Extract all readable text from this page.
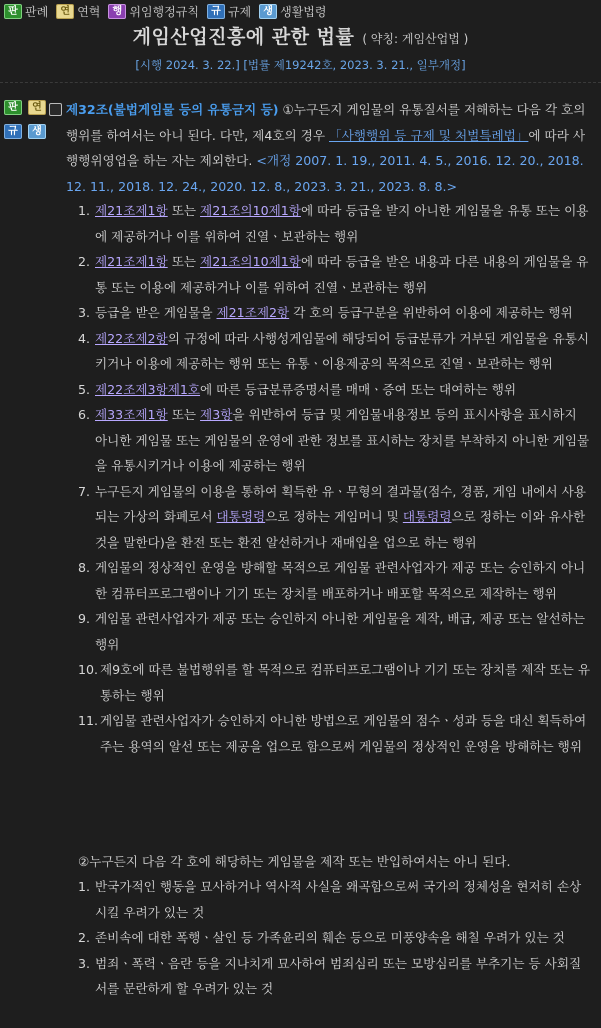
판 판례	연 연혁	행 위임행정규칙	규 규제	생 생활법령
게임산업진흥에 관한 법률 ( 약칭: 게임산업법 )
[시행 2024. 3. 22.] [법률 제19242호, 2023. 3. 21., 일부개정]
판	연
규	생
제32조(불법게임물 등의 유통금지 등) ①누구든지 게임물의 유통질서를 저해하는 다음 각 호의 행위를 하여서는 아니 된다. 다만, 제4호의 경우 「사행행위 등 규제 및 처벌특례법」에 따라 사행행위영업을 하는 자는 제외한다. <개정 2007. 1. 19., 2011. 4. 5., 2016. 12. 20., 2018. 12. 11., 2018. 12. 24., 2020. 12. 8., 2023. 3. 21., 2023. 8. 8.>
1. 제21조제1항 또는 제21조의10제1항에 따라 등급을 받지 아니한 게임물을 유통 또는 이용에 제공하거나 이를 위하여 진열ㆍ보관하는 행위
2. 제21조제1항 또는 제21조의10제1항에 따라 등급을 받은 내용과 다른 내용의 게임물을 유통 또는 이용에 제공하거나 이를 위하여 진열ㆍ보관하는 행위
3. 등급을 받은 게임물을 제21조제2항 각 호의 등급구분을 위반하여 이용에 제공하는 행위
4. 제22조제2항의 규정에 따라 사행성게임물에 해당되어 등급분류가 거부된 게임물을 유통시키거나 이용에 제공하는 행위 또는 유통ㆍ이용제공의 목적으로 진열ㆍ보관하는 행위
5. 제22조제3항제1호에 따른 등급분류증명서를 매매ㆍ증여 또는 대여하는 행위
6. 제33조제1항 또는 제3항을 위반하여 등급 및 게임물내용정보 등의 표시사항을 표시하지 아니한 게임물 또는 게임물의 운영에 관한 정보를 표시하는 장치를 부착하지 아니한 게임물을 유통시키거나 이용에 제공하는 행위
7. 누구든지 게임물의 이용을 통하여 획득한 유ㆍ무형의 결과물(점수, 경품, 게임 내에서 사용되는 가상의 화폐로서 대통령령으로 정하는 게임머니 및 대통령령으로 정하는 이와 유사한 것을 말한다)을 환전 또는 환전 알선하거나 재매입을 업으로 하는 행위
8. 게임물의 정상적인 운영을 방해할 목적으로 게임물 관련사업자가 제공 또는 승인하지 아니한 컴퓨터프로그램이나 기기 또는 장치를 배포하거나 배포할 목적으로 제작하는 행위
9. 게임물 관련사업자가 제공 또는 승인하지 아니한 게임물을 제작, 배급, 제공 또는 알선하는 행위
10. 제9호에 따른 불법행위를 할 목적으로 컴퓨터프로그램이나 기기 또는 장치를 제작 또는 유통하는 행위
11. 게임물 관련사업자가 승인하지 아니한 방법으로 게임물의 점수ㆍ성과 등을 대신 획득하여 주는 용역의 알선 또는 제공을 업으로 함으로써 게임물의 정상적인 운영을 방해하는 행위
②누구든지 다음 각 호에 해당하는 게임물을 제작 또는 반입하여서는 아니 된다.
1. 반국가적인 행동을 묘사하거나 역사적 사실을 왜곡함으로써 국가의 정체성을 현저히 손상시킬 우려가 있는 것
2. 존비속에 대한 폭행ㆍ살인 등 가족윤리의 훼손 등으로 미풍양속을 해칠 우려가 있는 것
3. 범죄ㆍ폭력ㆍ음란 등을 지나치게 묘사하여 범죄심리 또는 모방심리를 부추기는 등 사회질서를 문란하게 할 우려가 있는 것
